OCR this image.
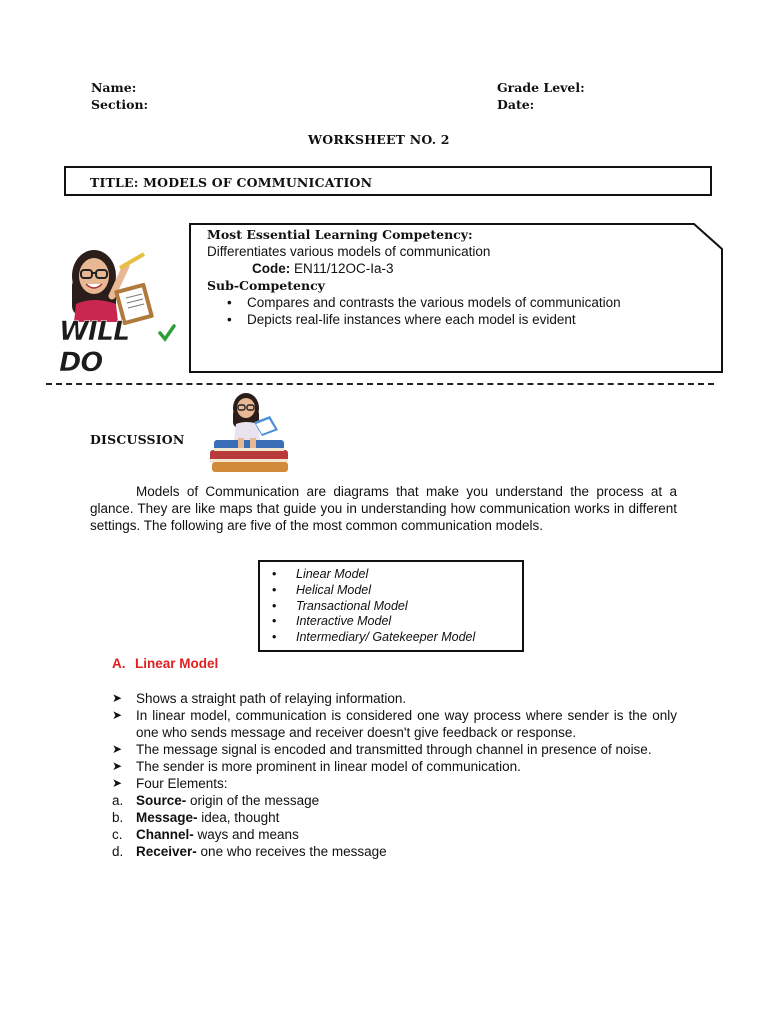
Name:	Grade Level:
Section:	Date:
WORKSHEET NO. 2
TITLE: MODELS OF COMMUNICATION
WILL DO
Most Essential Learning Competency:
Differentiates various models of communication
Code: EN11/12OC-Ia-3
Sub-Competency
• Compares and contrasts the various models of communication
• Depicts real-life instances where each model is evident
DISCUSSION
Models of Communication are diagrams that make you understand the process at a glance. They are like maps that guide you in understanding how communication works in different settings. The following are five of the most common communication models.
• Linear Model
• Helical Model
• Transactional Model
• Interactive Model
• Intermediary/ Gatekeeper Model
A. Linear Model
➤ Shows a straight path of relaying information.
➤ In linear model, communication is considered one way process where sender is the only one who sends message and receiver doesn't give feedback or response.
➤ The message signal is encoded and transmitted through channel in presence of noise.
➤ The sender is more prominent in linear model of communication.
➤ Four Elements:
a. Source- origin of the message
b. Message- idea, thought
c. Channel- ways and means
d. Receiver- one who receives the message
